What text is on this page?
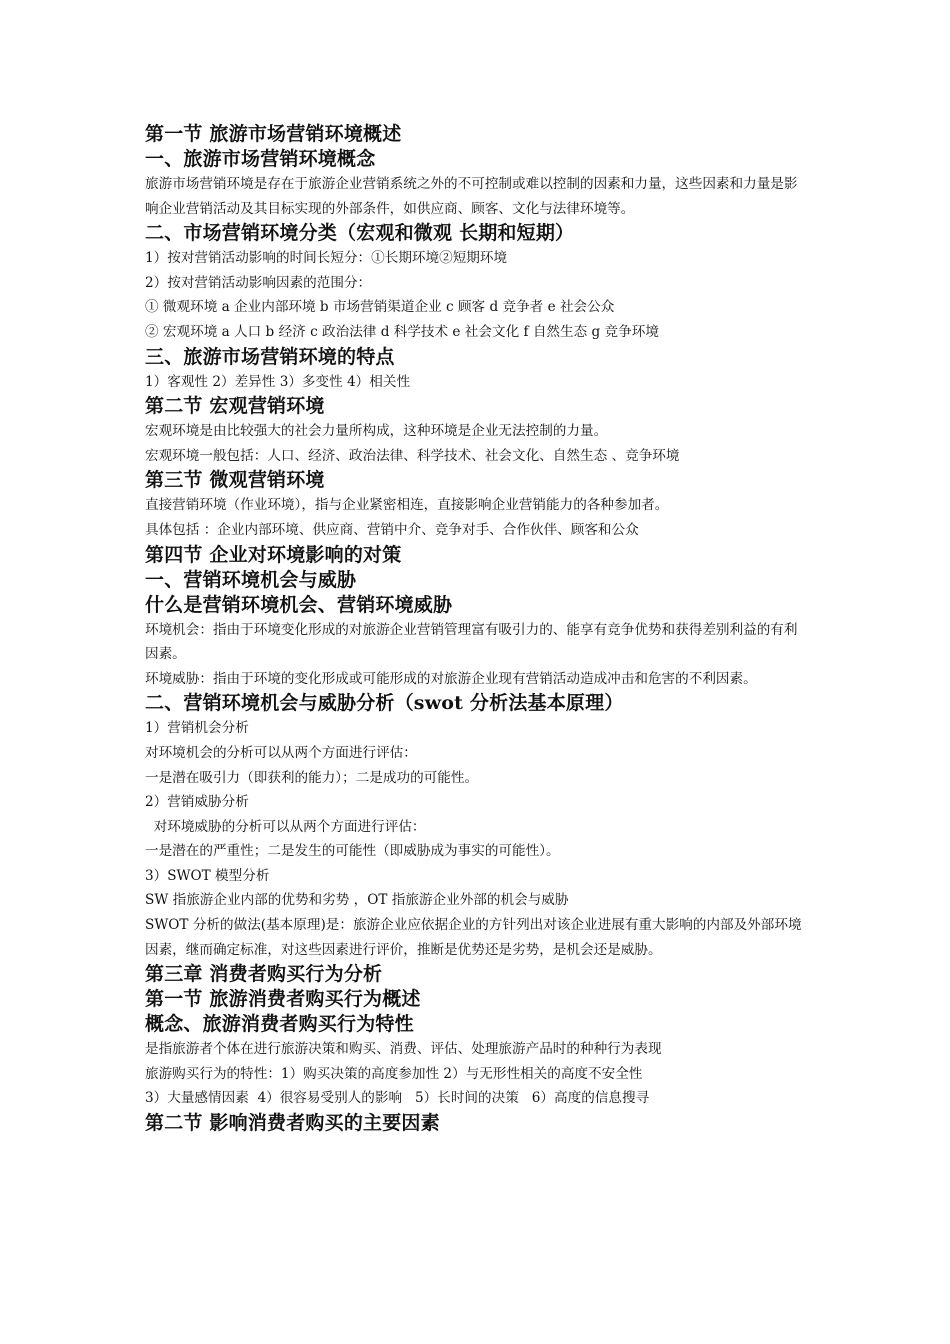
第一节 旅游市场营销环境概述
一、旅游市场营销环境概念

旅游市场营销环境是存在于旅游企业营销系统之外的不可控制或难以控制的因素和力量，这些因素和力量是影响企业营销活动及其目标实现的外部条件，如供应商、顾客、文化与法律环境等。

二、市场营销环境分类（宏观和微观 长期和短期）

1）按对营销活动影响的时间长短分：①长期环境②短期环境

2）按对营销活动影响因素的范围分：

① 微观环境 a 企业内部环境 b 市场营销渠道企业 c 顾客 d 竞争者 e 社会公众

② 宏观环境 a 人口 b 经济 c 政治法律 d 科学技术 e 社会文化 f 自然生态 g 竞争环境

三、旅游市场营销环境的特点

1）客观性 2）差异性 3）多变性 4）相关性

第二节 宏观营销环境

宏观环境是由比较强大的社会力量所构成，这种环境是企业无法控制的力量。

宏观环境一般包括：人口、经济、政治法律、科学技术、社会文化、自然生态 、竞争环境

第三节 微观营销环境

直接营销环境（作业环境），指与企业紧密相连，直接影响企业营销能力的各种参加者。

具体包括 ：企业内部环境、供应商、营销中介、竞争对手、合作伙伴、顾客和公众

第四节 企业对环境影响的对策
一、营销环境机会与威胁
什么是营销环境机会、营销环境威胁

环境机会：指由于环境变化形成的对旅游企业营销管理富有吸引力的、能享有竞争优势和获得差别利益的有利因素。

环境威胁：指由于环境的变化形成或可能形成的对旅游企业现有营销活动造成冲击和危害的不利因素。

二、营销环境机会与威胁分析（swot 分析法基本原理）

1）营销机会分析

对环境机会的分析可以从两个方面进行评估：

一是潜在吸引力（即获利的能力）；二是成功的可能性。

2）营销威胁分析

对环境威胁的分析可以从两个方面进行评估：

一是潜在的严重性；二是发生的可能性（即威胁成为事实的可能性）。

3）SWOT 模型分析

SW 指旅游企业内部的优势和劣势 ，OT 指旅游企业外部的机会与威胁

SWOT 分析的做法(基本原理)是：旅游企业应依据企业的方针列出对该企业进展有重大影响的内部及外部环境因素，继而确定标准，对这些因素进行评价，推断是优势还是劣势，是机会还是威胁。

第三章 消费者购买行为分析
第一节 旅游消费者购买行为概述
概念、旅游消费者购买行为特性

是指旅游者个体在进行旅游决策和购买、消费、评估、处理旅游产品时的种种行为表现

旅游购买行为的特性：1）购买决策的高度参加性 2）与无形性相关的高度不安全性

3）大量感情因素  4）很容易受别人的影响   5）长时间的决策   6）高度的信息搜寻

第二节 影响消费者购买的主要因素
